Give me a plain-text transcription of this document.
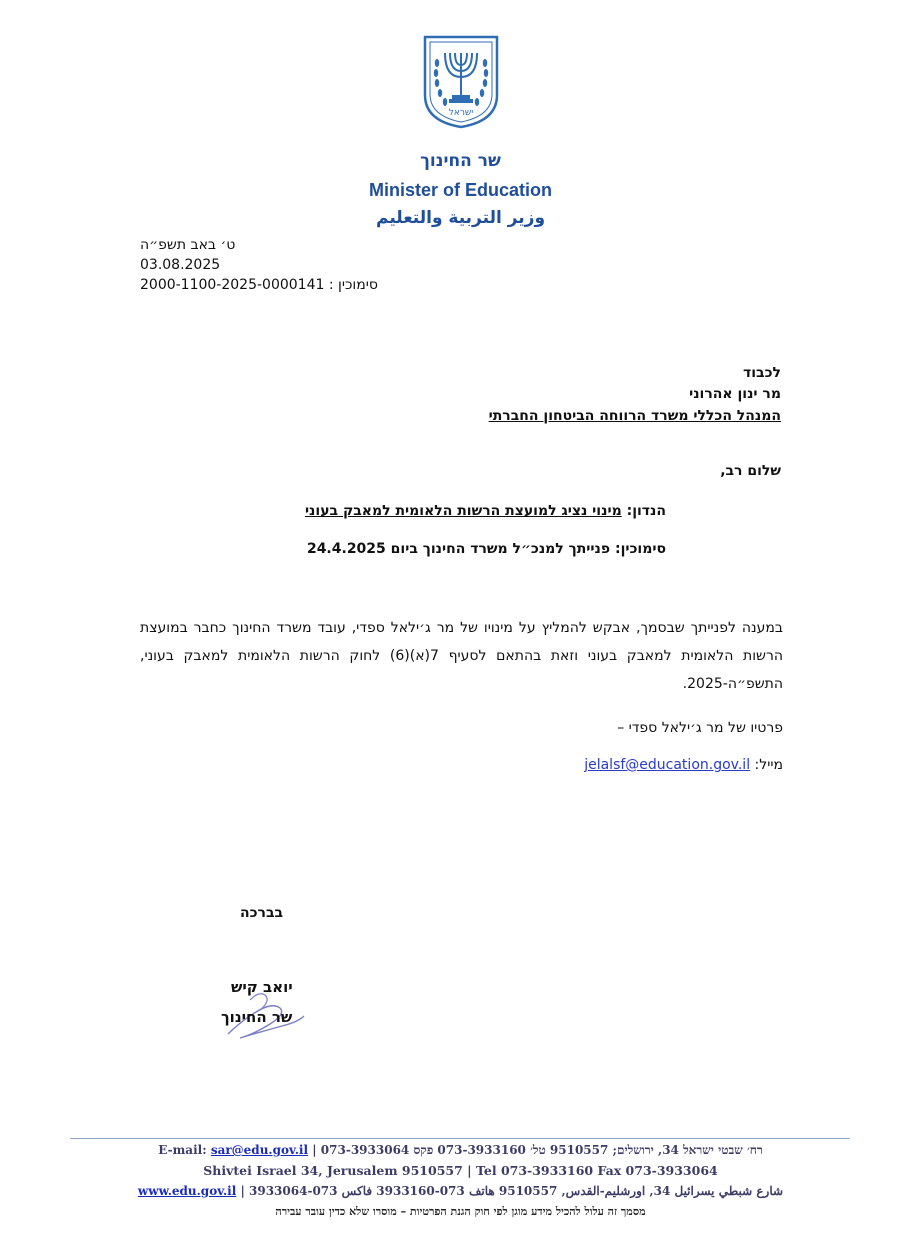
ישראל
שר החינוך
Minister of Education
وزير التربية والتعليم
ט׳ באב תשפ״ה
03.08.2025
2000-1100-2025-0000141 סימוכין :
לכבוד
מר ינון אהרוני
המנהל הכללי משרד הרווחה הביטחון החברתי
שלום רב,
הנדון: מינוי נציג למועצת הרשות הלאומית למאבק בעוני
סימוכין: פנייתך למנכ״ל משרד החינוך ביום 24.4.2025
במענה לפנייתך שבסמך, אבקש להמליץ על מינויו של מר ג׳ילאל ספדי, עובד משרד החינוך כחבר במועצת הרשות הלאומית למאבק בעוני וזאת בהתאם לסעיף 7(א)(6) לחוק הרשות הלאומית למאבק בעוני, התשפ״ה-2025.
פרטיו של מר ג׳ילאל ספדי –
מייל: jelalsf@education.gov.il
בברכה
יואב קיש
שר החינוך
E-mail: sar@edu.gov.il רח׳ שבטי ישראל 34, ירושלים; 9510557 טל׳ 073-3933160 פקס 073-3933064 |
Shivtei Israel 34, Jerusalem 9510557 | Tel 073-3933160 Fax 073-3933064
www.edu.gov.il شارع شبطي يسرائيل 34, اورشليم-القدس, 9510557 هاتف 073-3933160 فاكس 073-3933064 |
מסמך זה עלול להכיל מידע מוגן לפי חוק הגנת הפרטיות – מוסרו שלא כדין עובר עבירה
